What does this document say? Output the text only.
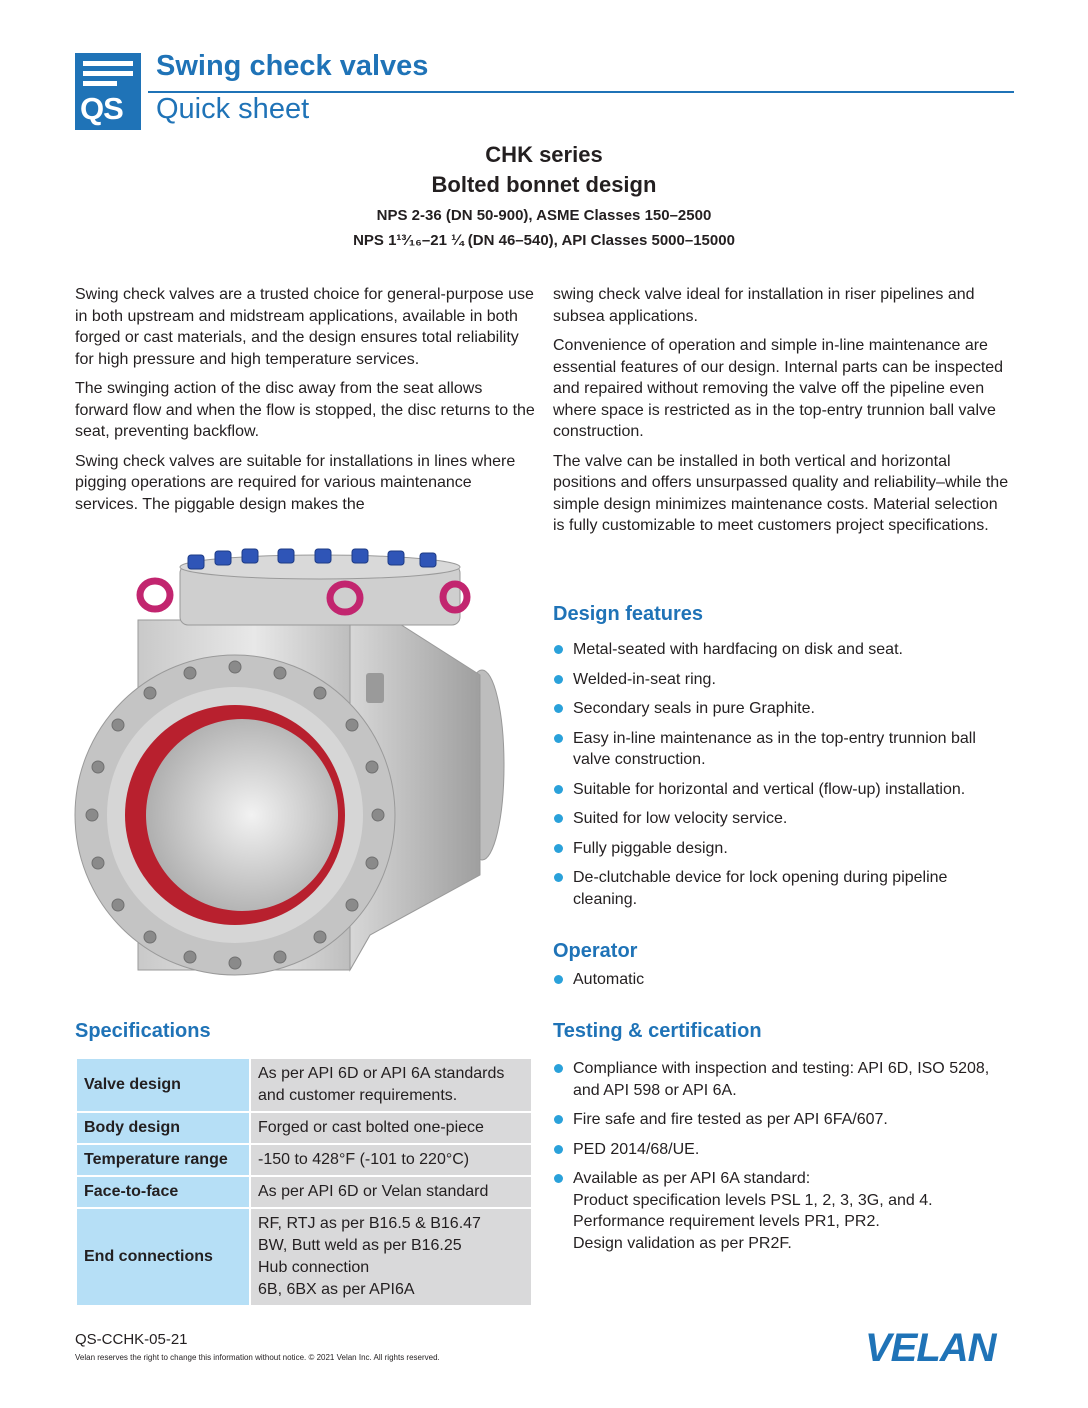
QS
Swing check valves
Quick sheet
CHK series
Bolted bonnet design
NPS 2-36 (DN 50-900), ASME Classes 150–2500
NPS 1¹³⁄₁₆–21 ¼ (DN 46–540), API Classes 5000–15000

Swing check valves are a trusted choice for general-purpose use in both upstream and midstream applications, available in both forged or cast materials, and the design ensures total reliability for high pressure and high temperature services.

The swinging action of the disc away from the seat allows forward flow and when the flow is stopped, the disc returns to the seat, preventing backflow.

Swing check valves are suitable for installations in lines where pigging operations are required for various maintenance services. The piggable design makes the

swing check valve ideal for installation in riser pipelines and subsea applications.

Convenience of operation and simple in-line maintenance are essential features of our design. Internal parts can be inspected and repaired without removing the valve off the pipeline even where space is restricted as in the top-entry trunnion ball valve construction.

The valve can be installed in both vertical and horizontal positions and offers unsurpassed quality and reliability–while the simple design minimizes maintenance costs. Material selection is fully customizable to meet customers project specifications.

Design features
Metal-seated with hardfacing on disk and seat.
Welded-in-seat ring.
Secondary seals in pure Graphite.
Easy in-line maintenance as in the top-entry trunnion ball valve construction.
Suitable for horizontal and vertical (flow-up) installation.
Suited for low velocity service.
Fully piggable design.
De-clutchable device for lock opening during pipeline cleaning.
Operator
Automatic
Specifications
Valve design	As per API 6D or API 6A standards
and customer requirements.
Body design	Forged or cast bolted one-piece
Temperature range	-150 to 428°F (-101 to 220°C)
Face-to-face	As per API 6D or Velan standard
End connections	RF, RTJ as per B16.5 & B16.47
BW, Butt weld as per B16.25
Hub connection
6B, 6BX as per API6A
Testing & certification
Compliance with inspection and testing: API 6D, ISO 5208, and API 598 or API 6A.
Fire safe and fire tested as per API 6FA/607.
PED 2014/68/UE.
Available as per API 6A standard:
Product specification levels PSL 1, 2, 3, 3G, and 4.
Performance requirement levels PR1, PR2.
Design validation as per PR2F.
QS-CCHK-05-21
Velan reserves the right to change this information without notice. © 2021 Velan Inc. All rights reserved.	VELAN
